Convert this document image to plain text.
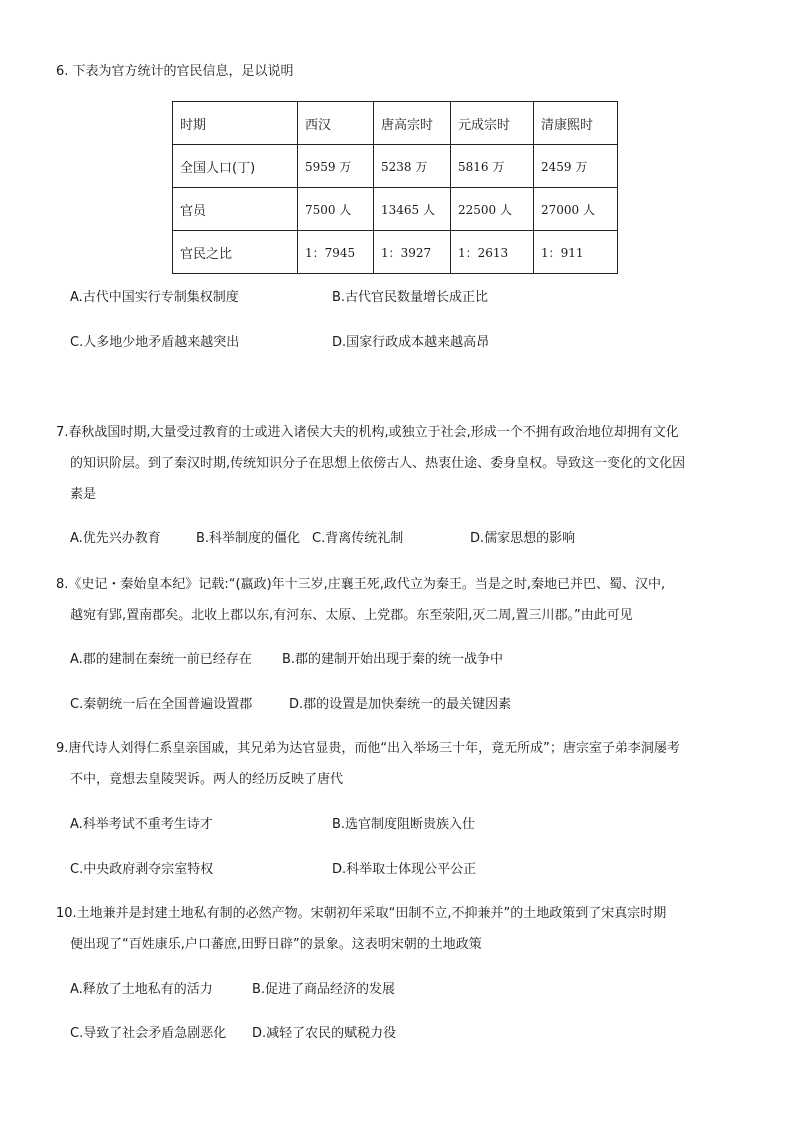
6. 下表为官方统计的官民信息，足以说明
时期	西汉	唐高宗时	元成宗时	清康熙时
全国人口(丁)	5959 万	5238 万	5816 万	2459 万
官员	7500 人	13465 人	22500 人	27000 人
官民之比	1：7945	1：3927	1：2613	1：911
A.古代中国实行专制集权制度	B.古代官民数量增长成正比
C.人多地少地矛盾越来越突出	D.国家行政成本越来越高昂
7.春秋战国时期,大量受过教育的士或进入诸侯大夫的机构,或独立于社会,形成一个不拥有政治地位却拥有文化
的知识阶层。到了秦汉时期,传统知识分子在思想上依傍古人、热衷仕途、委身皇权。导致这一变化的文化因
素是
A.优先兴办教育	B.科举制度的僵化 C.背离传统礼制	D.儒家思想的影响
8.《史记・秦始皇本纪》记载:“(嬴政)年十三岁,庄襄王死,政代立为秦王。当是之时,秦地已并巴、蜀、汉中,
越宛有郢,置南郡矣。北收上郡以东,有河东、太原、上党郡。东至荥阳,灭二周,置三川郡。”由此可见
A.郡的建制在秦统一前已经存在 B.郡的建制开始出现于秦的统一战争中
C.秦朝统一后在全国普遍设置郡	D.郡的设置是加快秦统一的最关键因素
9.唐代诗人刘得仁系皇亲国戚，其兄弟为达官显贵，而他“出入举场三十年，竟无所成”；唐宗室子弟李洞屡考
不中，竟想去皇陵哭诉。两人的经历反映了唐代
A.科举考试不重考生诗才	B.选官制度阻断贵族入仕
C.中央政府剥夺宗室特权	D.科举取士体现公平公正
10.土地兼并是封建土地私有制的必然产物。宋朝初年采取“田制不立,不抑兼并”的土地政策到了宋真宗时期
便出现了“百姓康乐,户口蕃庶,田野日辟”的景象。这表明宋朝的土地政策
A.释放了土地私有的活力	B.促进了商品经济的发展
C.导致了社会矛盾急剧恶化 D.减轻了农民的赋税力役
